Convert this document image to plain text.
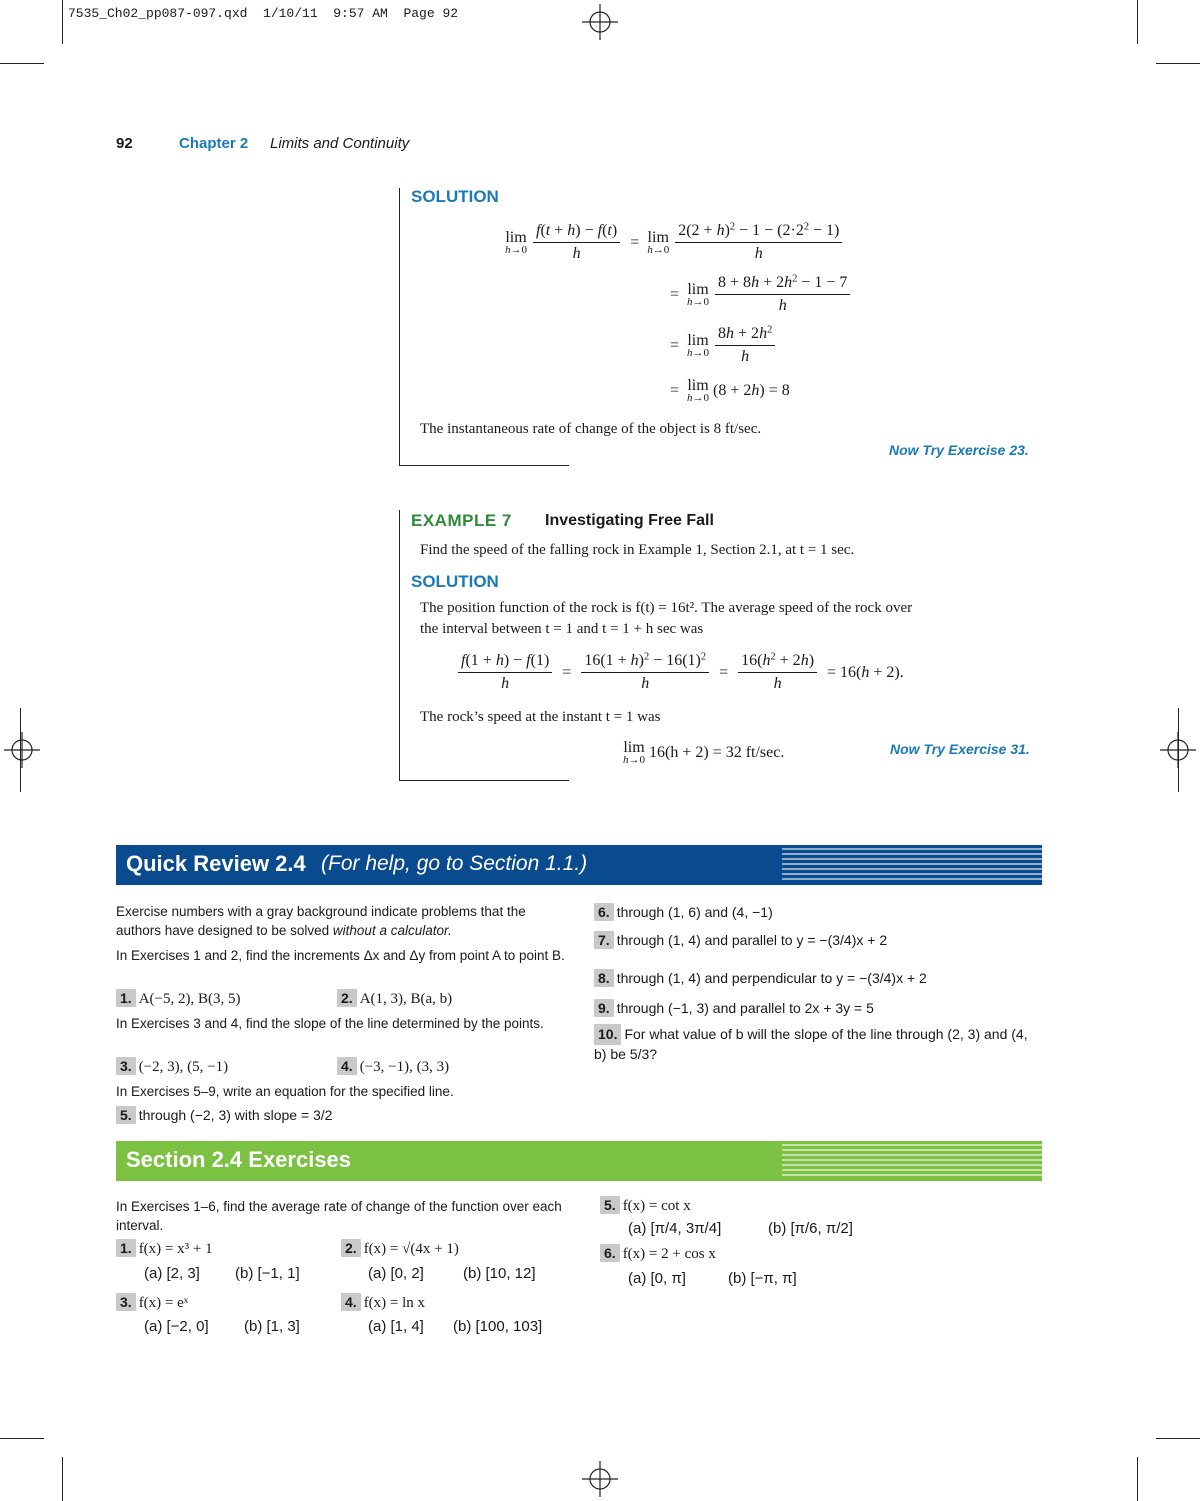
7535_Ch02_pp087-097.qxd  1/10/11  9:57 AM  Page 92
92	Chapter 2 Limits and Continuity
SOLUTION
lim
$h\to 0 \frac{f(t + h) - f(t)}{h} = \lim$
$h\to 0 \frac{2(2 + h)^2 - 1 - (2\cdot 2^2 - 1)}{h}$
= lim
$h\to 0 \frac{8 + 8h + 2h^2 - 1 - 7}{h}$
= lim
$h\to 0 \frac{8h + 2h^2}{h}$
= lim
h→0 (8 + 2h) = 8
The instantaneous rate of change of the object is 8 ft/sec.
Now Try Exercise 23.
EXAMPLE 7 Investigating Free Fall
Find the speed of the falling rock in Example 1, Section 2.1, at t = 1 sec.
SOLUTION
The position function of the rock is f(t) = 16t². The average speed of the rock over
the interval between t = 1 and t = 1 + h sec was
$\frac{f(1 + h) - f(1)}{h} = \frac{16(1 + h)^2 - 16(1)^2}{h} = \frac{16(h^2 + 2h)}{h} = 16(h + 2)$.
The rock’s speed at the instant t = 1 was
lim
h→0 16(h + 2) = 32 ft/sec.	Now Try Exercise 31.
Quick Review 2.4 (For help, go to Section 1.1.)
Exercise numbers with a gray background indicate problems that the authors have designed to be solved without a calculator.
In Exercises 1 and 2, find the increments Δx and Δy from point A to point B.
1. A(−5, 2), B(3, 5)	2. A(1, 3), B(a, b)
In Exercises 3 and 4, find the slope of the line determined by the points.
3. (−2, 3), (5, −1)	4. (−3, −1), (3, 3)
In Exercises 5–9, write an equation for the specified line.
5. through (−2, 3) with slope = 3/2
6. through (1, 6) and (4, −1)
7. through (1, 4) and parallel to y = −(3/4)x + 2
8. through (1, 4) and perpendicular to y = −(3/4)x + 2
9. through (−1, 3) and parallel to 2x + 3y = 5
10. For what value of b will the slope of the line through (2, 3) and (4, b) be 5/3?
Section 2.4 Exercises
In Exercises 1–6, find the average rate of change of the function over each interval.
1. f(x) = x³ + 1
(a) [2, 3] (b) [−1, 1]
2. f(x) = √(4x + 1)
(a) [0, 2]	(b) [10, 12]
3. f(x) = eˣ
(a) [−2, 0] (b) [1, 3]
4. f(x) = ln x
(a) [1, 4] (b) [100, 103]
5. f(x) = cot x
(a) [π/4, 3π/4]	(b) [π/6, π/2]
6. f(x) = 2 + cos x
(a) [0, π]	(b) [−π, π]
